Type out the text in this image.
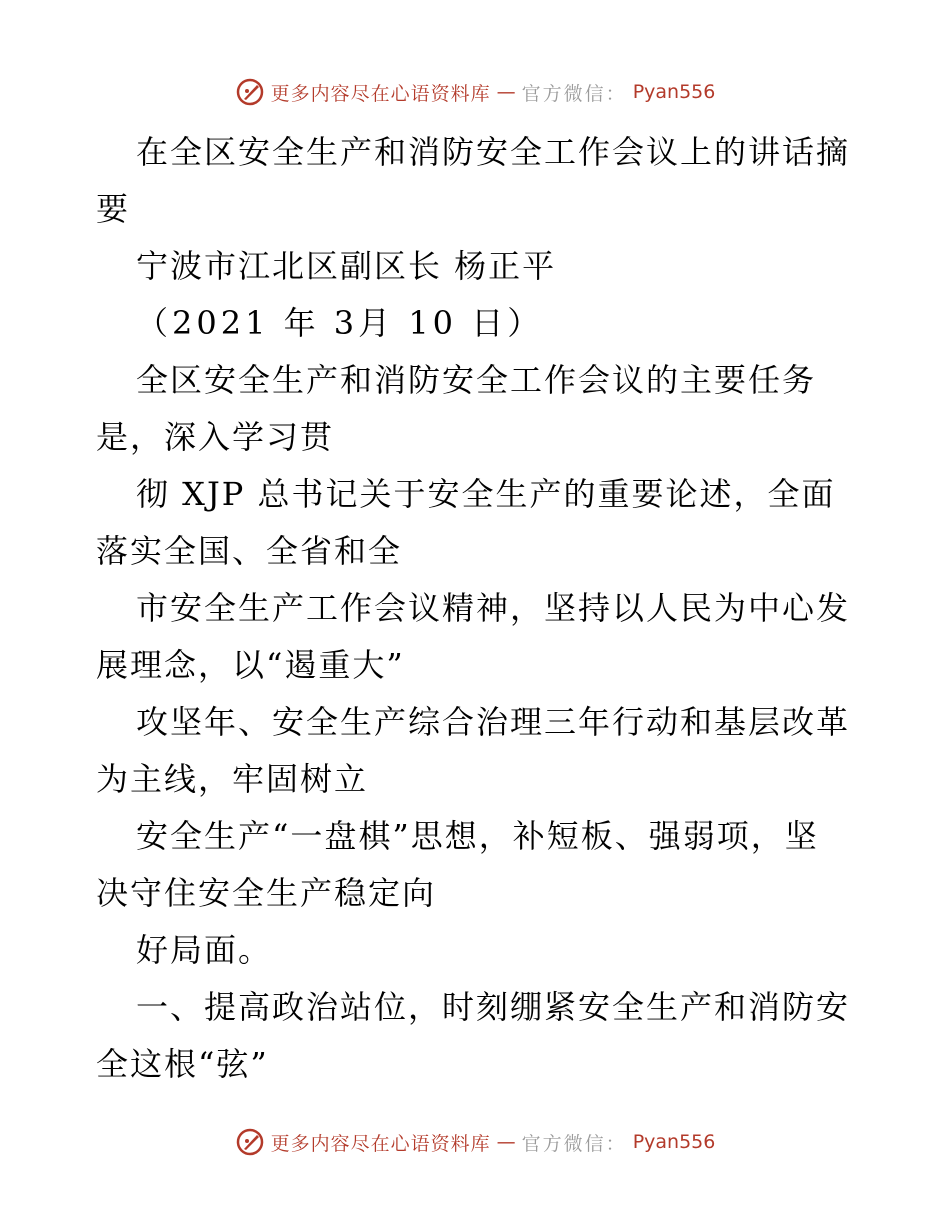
更多内容尽在心语资料库 — 官方微信： Pyan556
在全区安全生产和消防安全工作会议上的讲话摘
要
宁波市江北区副区长 杨正平
（2021 年 3月 10 日）
全区安全生产和消防安全工作会议的主要任务
是，深入学习贯
彻 XJP 总书记关于安全生产的重要论述，全面
落实全国、全省和全
市安全生产工作会议精神，坚持以人民为中心发
展理念，以“遏重大”
攻坚年、安全生产综合治理三年行动和基层改革
为主线，牢固树立
安全生产“一盘棋”思想，补短板、强弱项，坚
决守住安全生产稳定向
好局面。
一、提高政治站位，时刻绷紧安全生产和消防安
全这根“弦”
更多内容尽在心语资料库 — 官方微信： Pyan556
